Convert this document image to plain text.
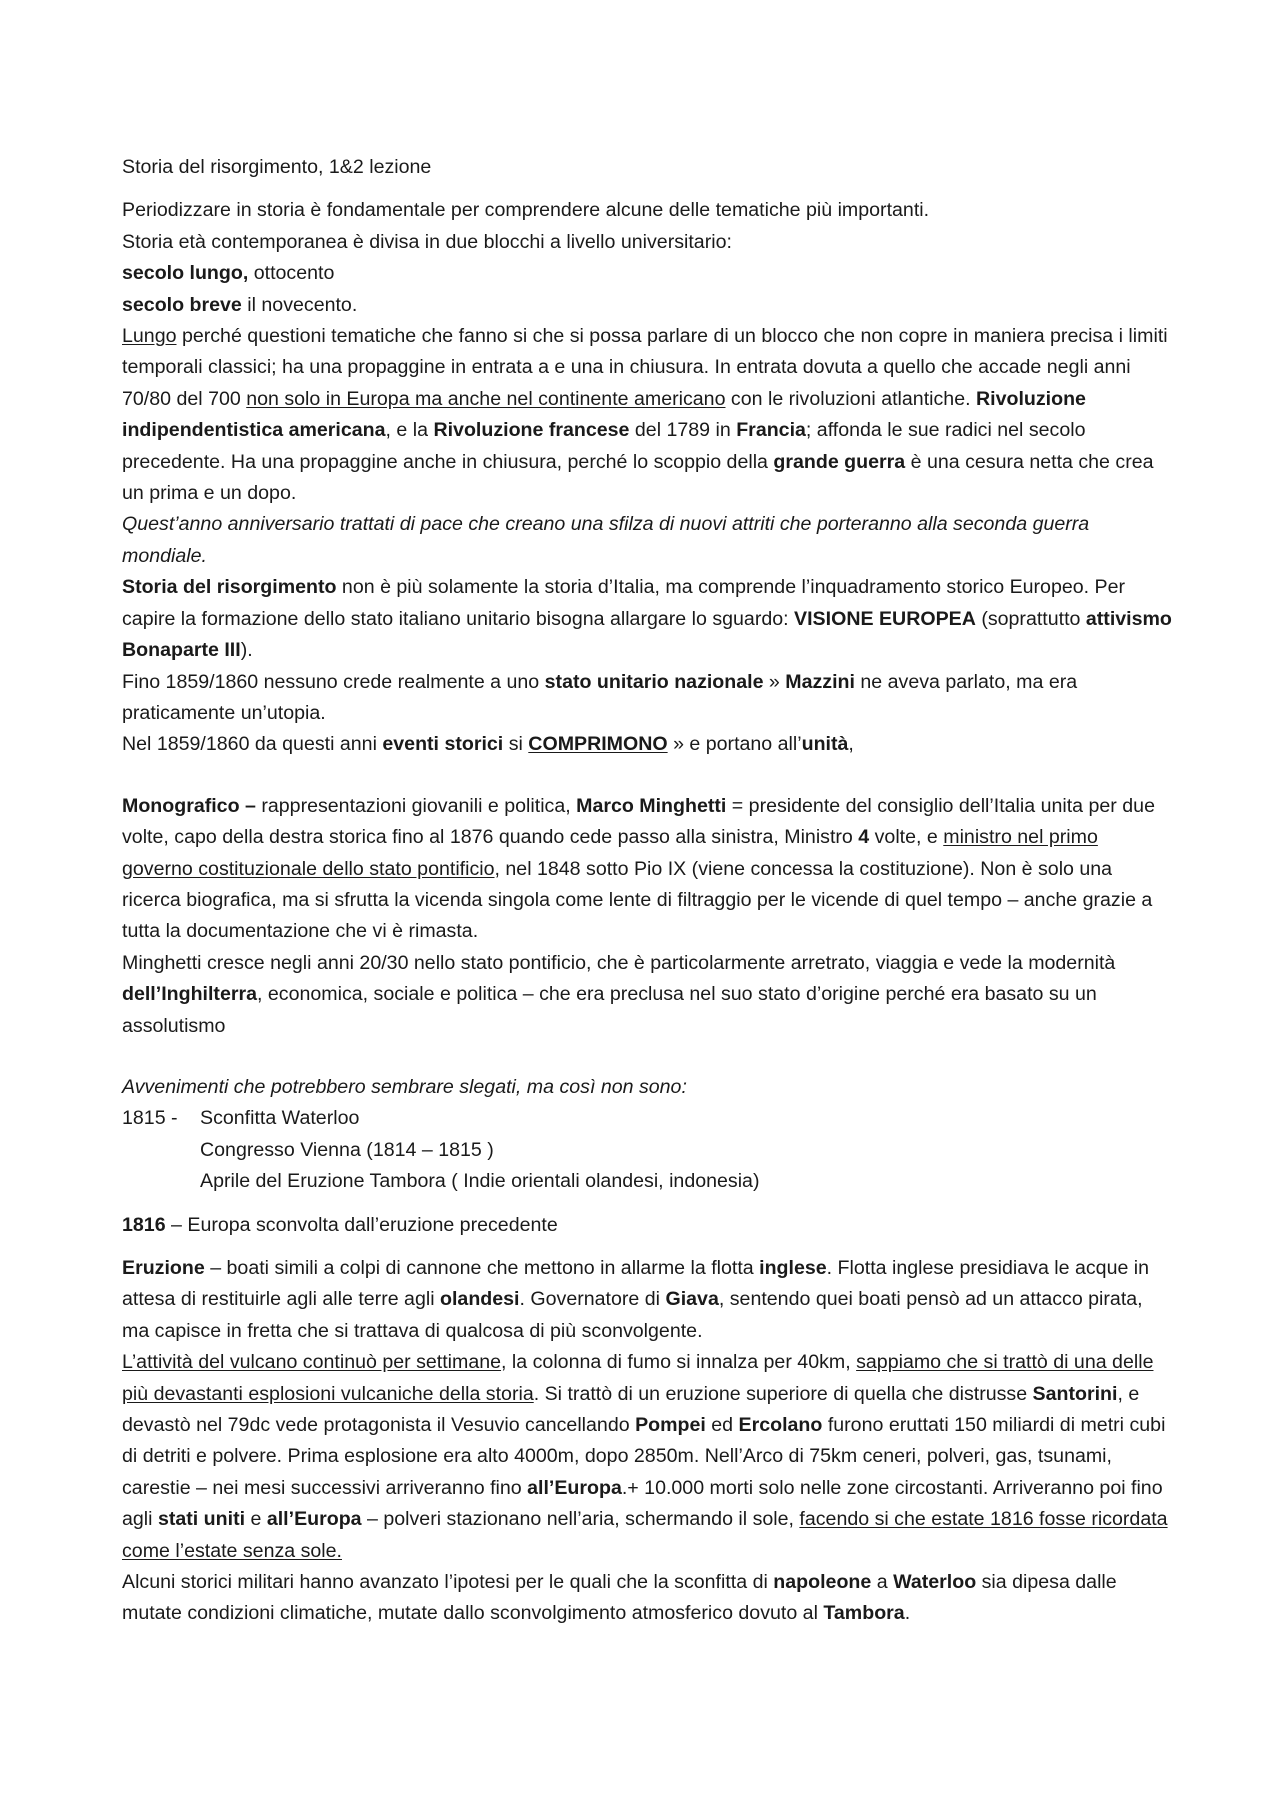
Storia del risorgimento, 1&2 lezione

Periodizzare in storia è fondamentale per comprendere alcune delle tematiche più importanti.

Storia età contemporanea è divisa in due blocchi a livello universitario:

secolo lungo, ottocento

secolo breve il novecento.

Lungo perché questioni tematiche che fanno si che si possa parlare di un blocco che non copre in maniera precisa i limiti temporali classici; ha una propaggine in entrata a e una in chiusura. In entrata dovuta a quello che accade negli anni 70/80 del 700 non solo in Europa ma anche nel continente americano con le rivoluzioni atlantiche. Rivoluzione indipendentistica americana, e la Rivoluzione francese del 1789 in Francia; affonda le sue radici nel secolo precedente. Ha una propaggine anche in chiusura, perché lo scoppio della grande guerra è una cesura netta che crea un prima e un dopo.

Quest’anno anniversario trattati di pace che creano una sfilza di nuovi attriti che porteranno alla seconda guerra mondiale.

Storia del risorgimento non è più solamente la storia d’Italia, ma comprende l’inquadramento storico Europeo. Per capire la formazione dello stato italiano unitario bisogna allargare lo sguardo: VISIONE EUROPEA (soprattutto attivismo Bonaparte III).

Fino 1859/1860 nessuno crede realmente a uno stato unitario nazionale » Mazzini ne aveva parlato, ma era praticamente un’utopia.

Nel 1859/1860 da questi anni eventi storici si COMPRIMONO » e portano all’unità,

Monografico – rappresentazioni giovanili e politica, Marco Minghetti = presidente del consiglio dell’Italia unita per due volte, capo della destra storica fino al 1876 quando cede passo alla sinistra, Ministro 4 volte, e ministro nel primo governo costituzionale dello stato pontificio, nel 1848 sotto Pio IX (viene concessa la costituzione). Non è solo una ricerca biografica, ma si sfrutta la vicenda singola come lente di filtraggio per le vicende di quel tempo – anche grazie a tutta la documentazione che vi è rimasta.

Minghetti cresce negli anni 20/30 nello stato pontificio, che è particolarmente arretrato, viaggia e vede la modernità dell’Inghilterra, economica, sociale e politica – che era preclusa nel suo stato d’origine perché era basato su un assolutismo

Avvenimenti che potrebbero sembrare slegati, ma così non sono:

1815 -	Sconfitta Waterloo
Congresso Vienna (1814 – 1815 )
Aprile del Eruzione Tambora ( Indie orientali olandesi, indonesia)

1816 – Europa sconvolta dall’eruzione precedente

Eruzione – boati simili a colpi di cannone che mettono in allarme la flotta inglese. Flotta inglese presidiava le acque in attesa di restituirle agli alle terre agli olandesi. Governatore di Giava, sentendo quei boati pensò ad un attacco pirata, ma capisce in fretta che si trattava di qualcosa di più sconvolgente.

L’attività del vulcano continuò per settimane, la colonna di fumo si innalza per 40km, sappiamo che si trattò di una delle più devastanti esplosioni vulcaniche della storia. Si trattò di un eruzione superiore di quella che distrusse Santorini, e devastò nel 79dc vede protagonista il Vesuvio cancellando Pompei ed Ercolano furono eruttati 150 miliardi di metri cubi di detriti e polvere. Prima esplosione era alto 4000m, dopo 2850m. Nell’Arco di 75km ceneri, polveri, gas, tsunami, carestie – nei mesi successivi arriveranno fino all’Europa.+ 10.000 morti solo nelle zone circostanti. Arriveranno poi fino agli stati uniti e all’Europa – polveri stazionano nell’aria, schermando il sole, facendo si che estate 1816 fosse ricordata come l’estate senza sole.

Alcuni storici militari hanno avanzato l’ipotesi per le quali che la sconfitta di napoleone a Waterloo sia dipesa dalle mutate condizioni climatiche, mutate dallo sconvolgimento atmosferico dovuto al Tambora.
